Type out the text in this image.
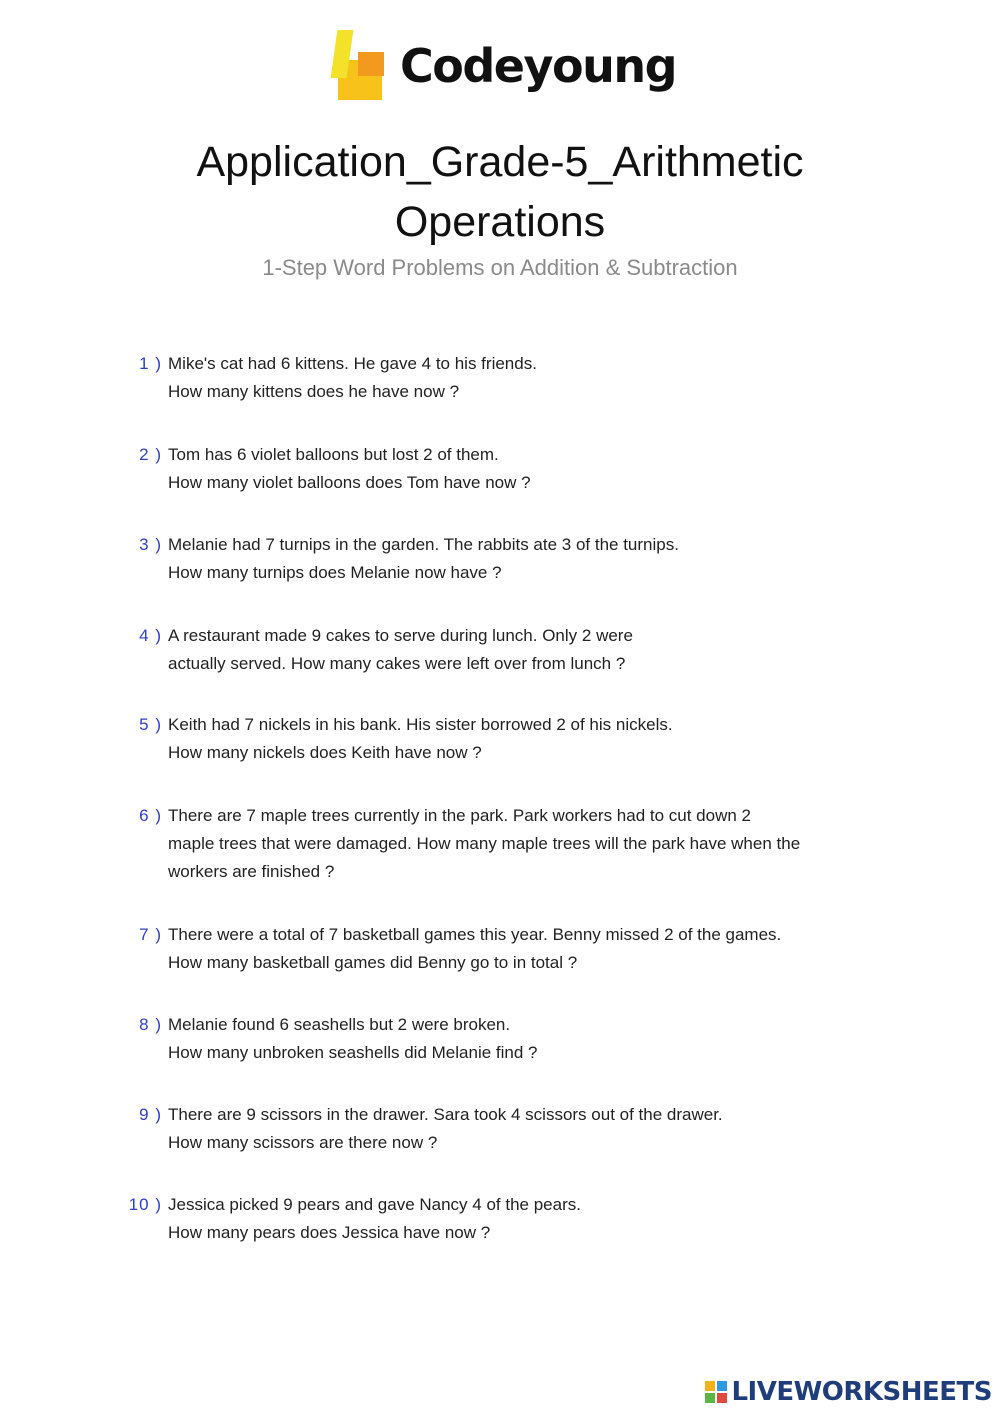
Codeyoung
Application_Grade-5_Arithmetic
Operations
1-Step Word Problems on Addition & Subtraction
1 ) Mike's cat had 6 kittens. He gave 4 to his friends.
How many kittens does he have now ?
2 ) Tom has 6 violet balloons but lost 2 of them.
How many violet balloons does Tom have now ?
3 ) Melanie had 7 turnips in the garden. The rabbits ate 3 of the turnips.
How many turnips does Melanie now have ?
4 ) A restaurant made 9 cakes to serve during lunch. Only 2 were
actually served. How many cakes were left over from lunch ?
5 ) Keith had 7 nickels in his bank. His sister borrowed 2 of his nickels.
How many nickels does Keith have now ?
6 ) There are 7 maple trees currently in the park. Park workers had to cut down 2
maple trees that were damaged. How many maple trees will the park have when the
workers are finished ?
7 ) There were a total of 7 basketball games this year. Benny missed 2 of the games.
How many basketball games did Benny go to in total ?
8 ) Melanie found 6 seashells but 2 were broken.
How many unbroken seashells did Melanie find ?
9 ) There are 9 scissors in the drawer. Sara took 4 scissors out of the drawer.
How many scissors are there now ?
10 ) Jessica picked 9 pears and gave Nancy 4 of the pears.
How many pears does Jessica have now ?
LIVEWORKSHEETS
